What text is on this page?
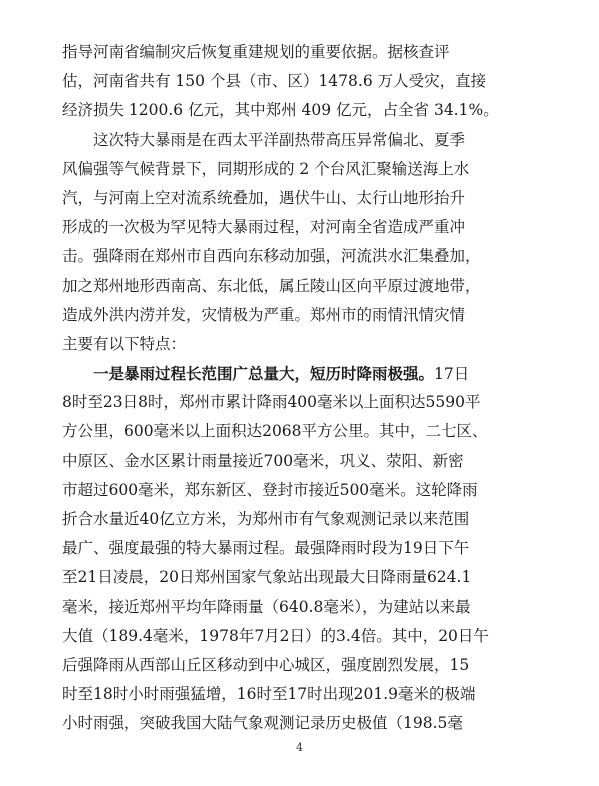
指导河南省编制灾后恢复重建规划的重要依据。据核查评
估，河南省共有 150 个县（市、区）1478.6 万人受灾，直接
经济损失 1200.6 亿元，其中郑州 409 亿元，占全省 34.1%。
这次特大暴雨是在西太平洋副热带高压异常偏北、夏季
风偏强等气候背景下，同期形成的 2 个台风汇聚输送海上水
汽，与河南上空对流系统叠加，遇伏牛山、太行山地形抬升
形成的一次极为罕见特大暴雨过程，对河南全省造成严重冲
击。强降雨在郑州市自西向东移动加强，河流洪水汇集叠加，
加之郑州地形西南高、东北低，属丘陵山区向平原过渡地带，
造成外洪内涝并发，灾情极为严重。郑州市的雨情汛情灾情
主要有以下特点：
一是暴雨过程长范围广总量大，短历时降雨极强。17日
8时至23日8时，郑州市累计降雨400毫米以上面积达5590平
方公里，600毫米以上面积达2068平方公里。其中，二七区、
中原区、金水区累计雨量接近700毫米，巩义、荥阳、新密
市超过600毫米，郑东新区、登封市接近500毫米。这轮降雨
折合水量近40亿立方米，为郑州市有气象观测记录以来范围
最广、强度最强的特大暴雨过程。最强降雨时段为19日下午
至21日凌晨，20日郑州国家气象站出现最大日降雨量624.1
毫米，接近郑州平均年降雨量（640.8毫米），为建站以来最
大值（189.4毫米，1978年7月2日）的3.4倍。其中，20日午
后强降雨从西部山丘区移动到中心城区，强度剧烈发展，15
时至18时小时雨强猛增，16时至17时出现201.9毫米的极端
小时雨强，突破我国大陆气象观测记录历史极值（198.5毫
4
